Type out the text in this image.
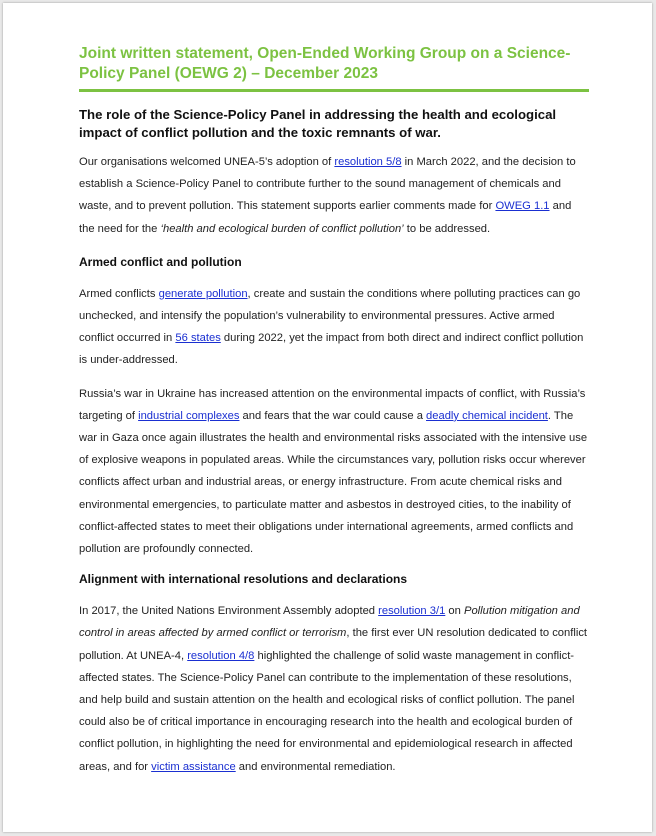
Joint written statement, Open-Ended Working Group on a Science-Policy Panel (OEWG 2) – December 2023
The role of the Science-Policy Panel in addressing the health and ecological impact of conflict pollution and the toxic remnants of war.

Our organisations welcomed UNEA-5’s adoption of resolution 5/8 in March 2022, and the decision to establish a Science-Policy Panel to contribute further to the sound management of chemicals and waste, and to prevent pollution. This statement supports earlier comments made for OWEG 1.1 and the need for the ‘health and ecological burden of conflict pollution’ to be addressed.

Armed conflict and pollution

Armed conflicts generate pollution, create and sustain the conditions where polluting practices can go unchecked, and intensify the population’s vulnerability to environmental pressures. Active armed conflict occurred in 56 states during 2022, yet the impact from both direct and indirect conflict pollution is under-addressed.

Russia’s war in Ukraine has increased attention on the environmental impacts of conflict, with Russia’s targeting of industrial complexes and fears that the war could cause a deadly chemical incident. The war in Gaza once again illustrates the health and environmental risks associated with the intensive use of explosive weapons in populated areas. While the circumstances vary, pollution risks occur wherever conflicts affect urban and industrial areas, or energy infrastructure. From acute chemical risks and environmental emergencies, to particulate matter and asbestos in destroyed cities, to the inability of conflict-affected states to meet their obligations under international agreements, armed conflicts and pollution are profoundly connected.

Alignment with international resolutions and declarations

In 2017, the United Nations Environment Assembly adopted resolution 3/1 on Pollution mitigation and control in areas affected by armed conflict or terrorism, the first ever UN resolution dedicated to conflict pollution. At UNEA-4, resolution 4/8 highlighted the challenge of solid waste management in conflict-affected states. The Science-Policy Panel can contribute to the implementation of these resolutions, and help build and sustain attention on the health and ecological risks of conflict pollution. The panel could also be of critical importance in encouraging research into the health and ecological burden of conflict pollution, in highlighting the need for environmental and epidemiological research in affected areas, and for victim assistance and environmental remediation.
